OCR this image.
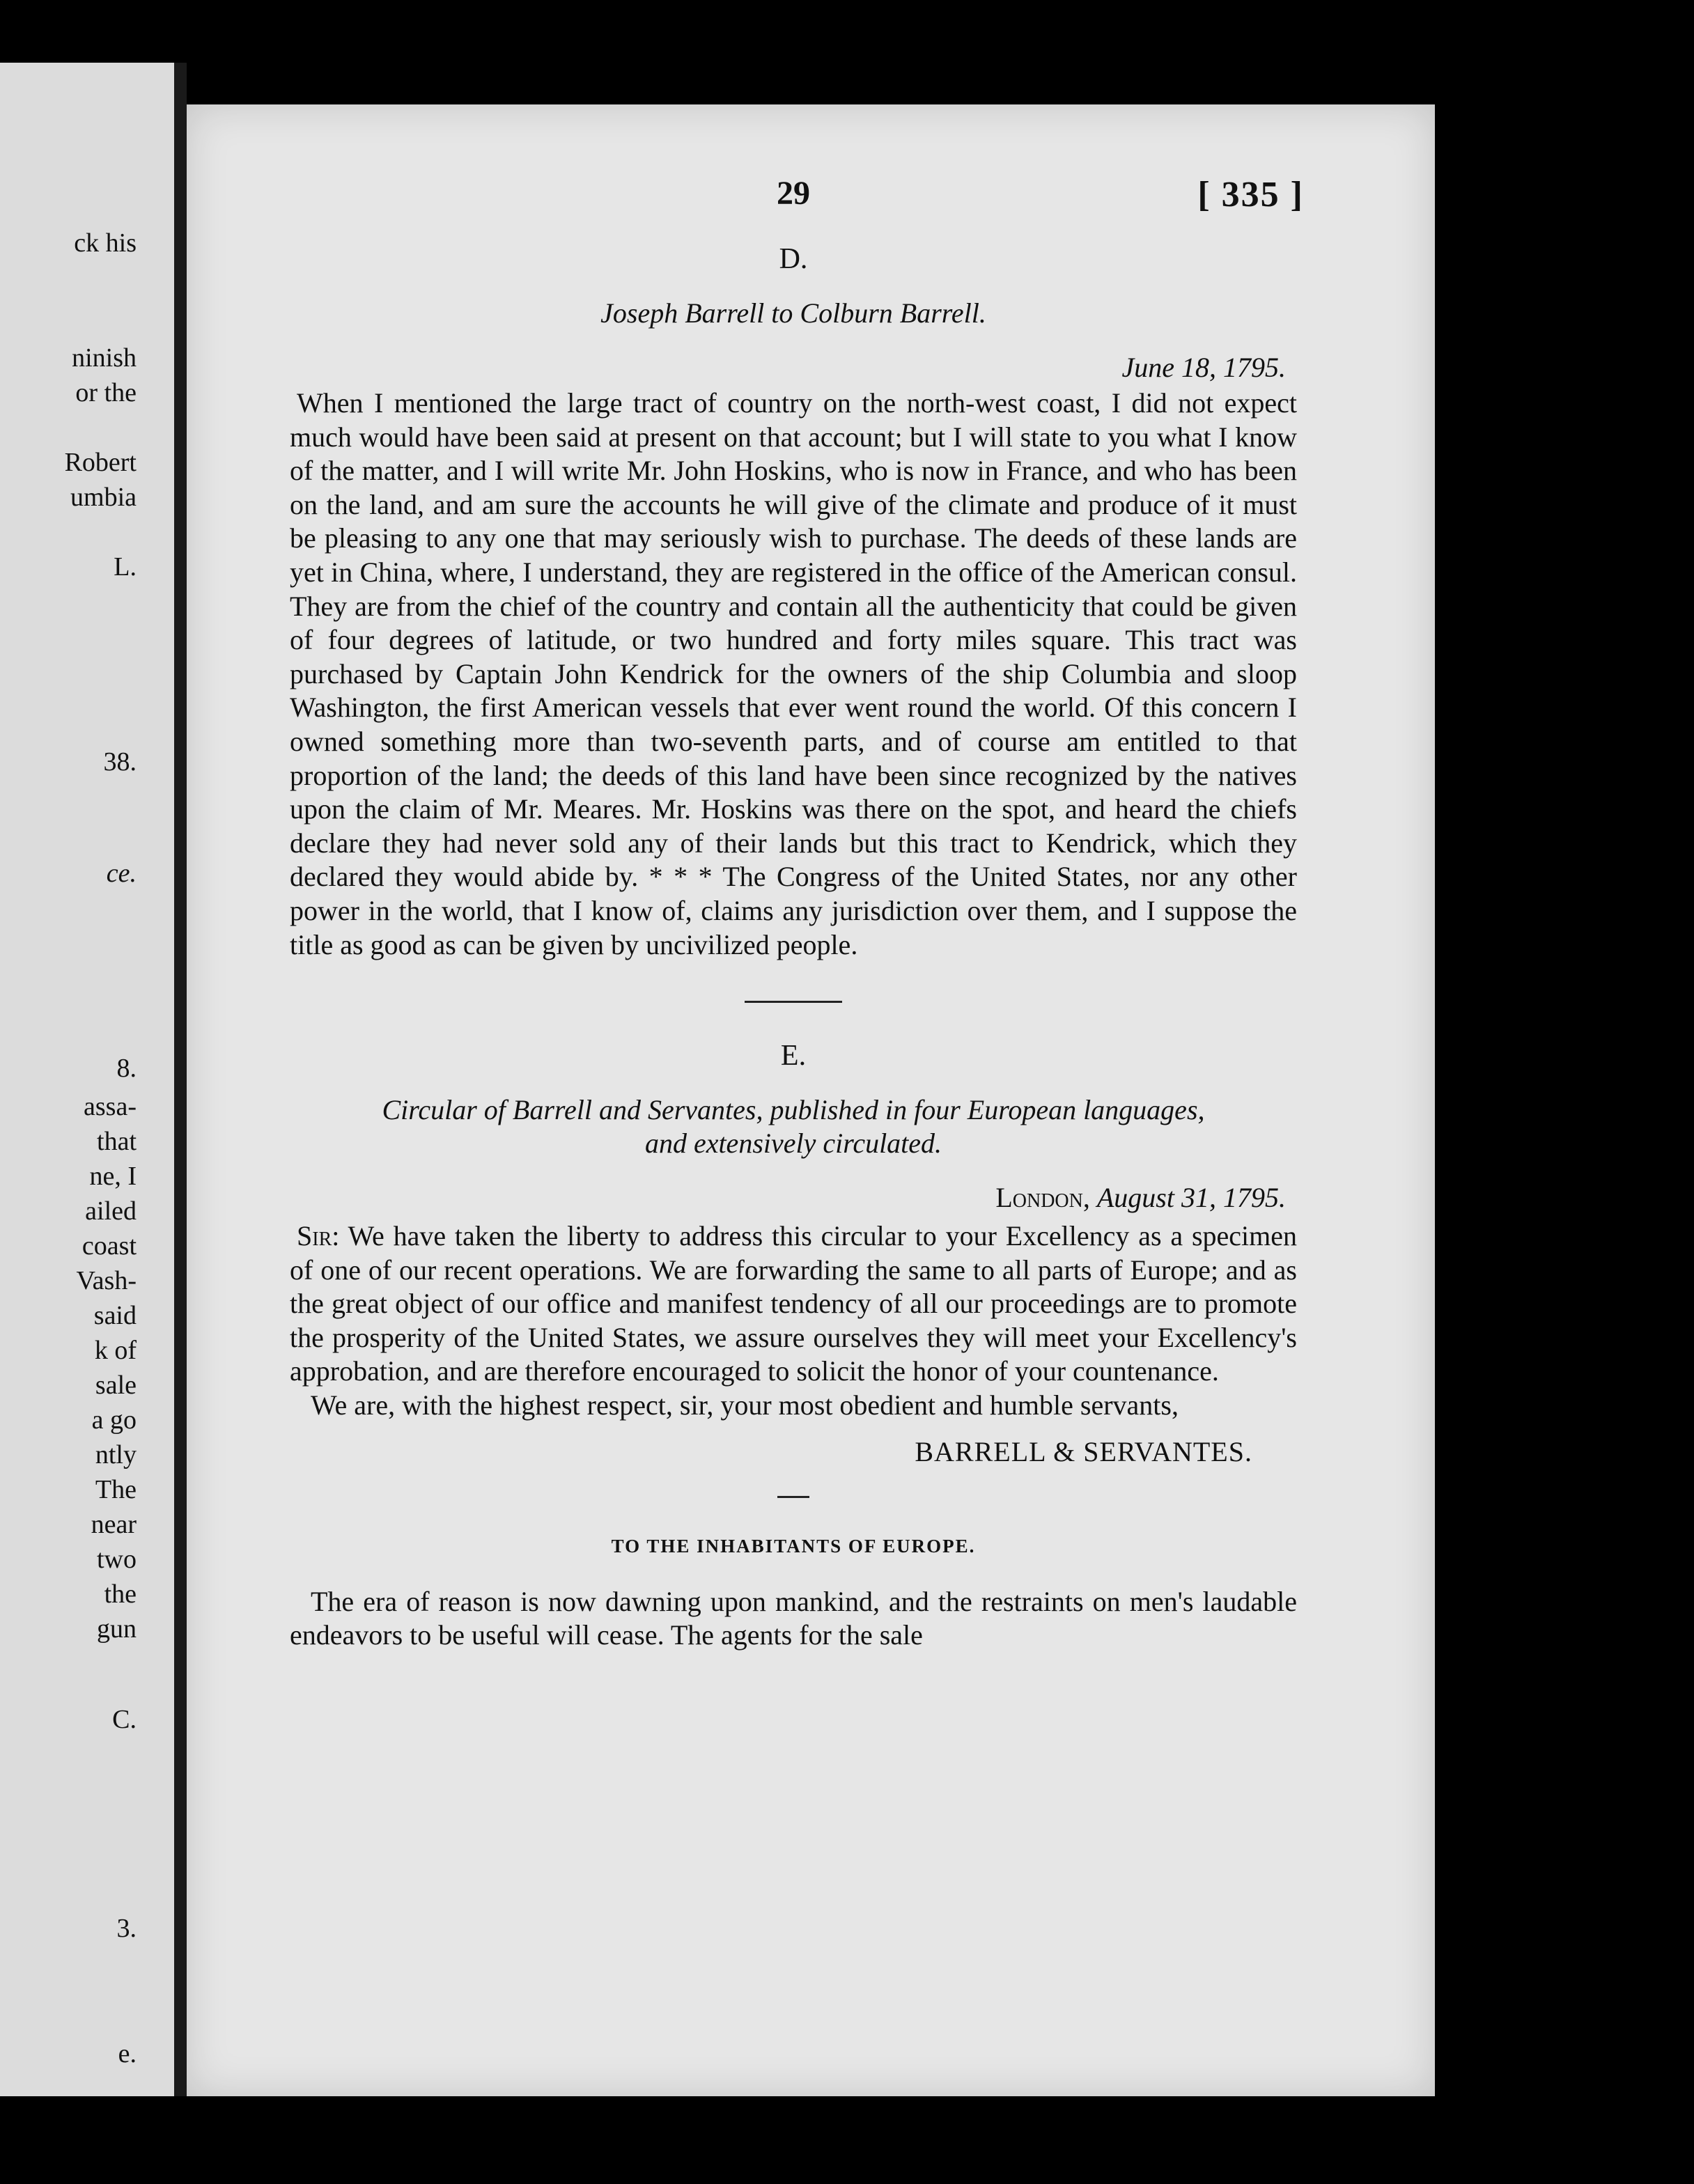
ck his
ninish
or the
Robert
umbia
L.
38.
ce.
8.
assa-
that
ne, I
ailed
coast
Vash-
said
k of
sale
a go
ntly
The
near
two
the
gun
C.
3.
e.
29	[ 335 ]
D.
Joseph Barrell to Colburn Barrell.
June 18, 1795.

When I mentioned the large tract of country on the north-west coast, I did not expect much would have been said at present on that account; but I will state to you what I know of the matter, and I will write Mr. John Hoskins, who is now in France, and who has been on the land, and am sure the accounts he will give of the climate and produce of it must be pleasing to any one that may seriously wish to purchase. The deeds of these lands are yet in China, where, I understand, they are registered in the office of the American consul. They are from the chief of the country and contain all the authenticity that could be given of four degrees of latitude, or two hundred and forty miles square. This tract was purchased by Captain John Kendrick for the owners of the ship Columbia and sloop Washington, the first American vessels that ever went round the world. Of this concern I owned something more than two-seventh parts, and of course am entitled to that proportion of the land; the deeds of this land have been since recognized by the natives upon the claim of Mr. Meares. Mr. Hoskins was there on the spot, and heard the chiefs declare they had never sold any of their lands but this tract to Kendrick, which they declared they would abide by. * * * The Congress of the United States, nor any other power in the world, that I know of, claims any jurisdiction over them, and I suppose the title as good as can be given by uncivilized people.

E.
Circular of Barrell and Servantes, published in four European languages,
and extensively circulated.
London, August 31, 1795.

Sir: We have taken the liberty to address this circular to your Excellency as a specimen of one of our recent operations. We are forwarding the same to all parts of Europe; and as the great object of our office and manifest tendency of all our proceedings are to promote the prosperity of the United States, we assure ourselves they will meet your Excellency's approbation, and are therefore encouraged to solicit the honor of your countenance.

We are, with the highest respect, sir, your most obedient and humble servants,

BARRELL & SERVANTES.
TO THE INHABITANTS OF EUROPE.

The era of reason is now dawning upon mankind, and the restraints on men's laudable endeavors to be useful will cease. The agents for the sale
